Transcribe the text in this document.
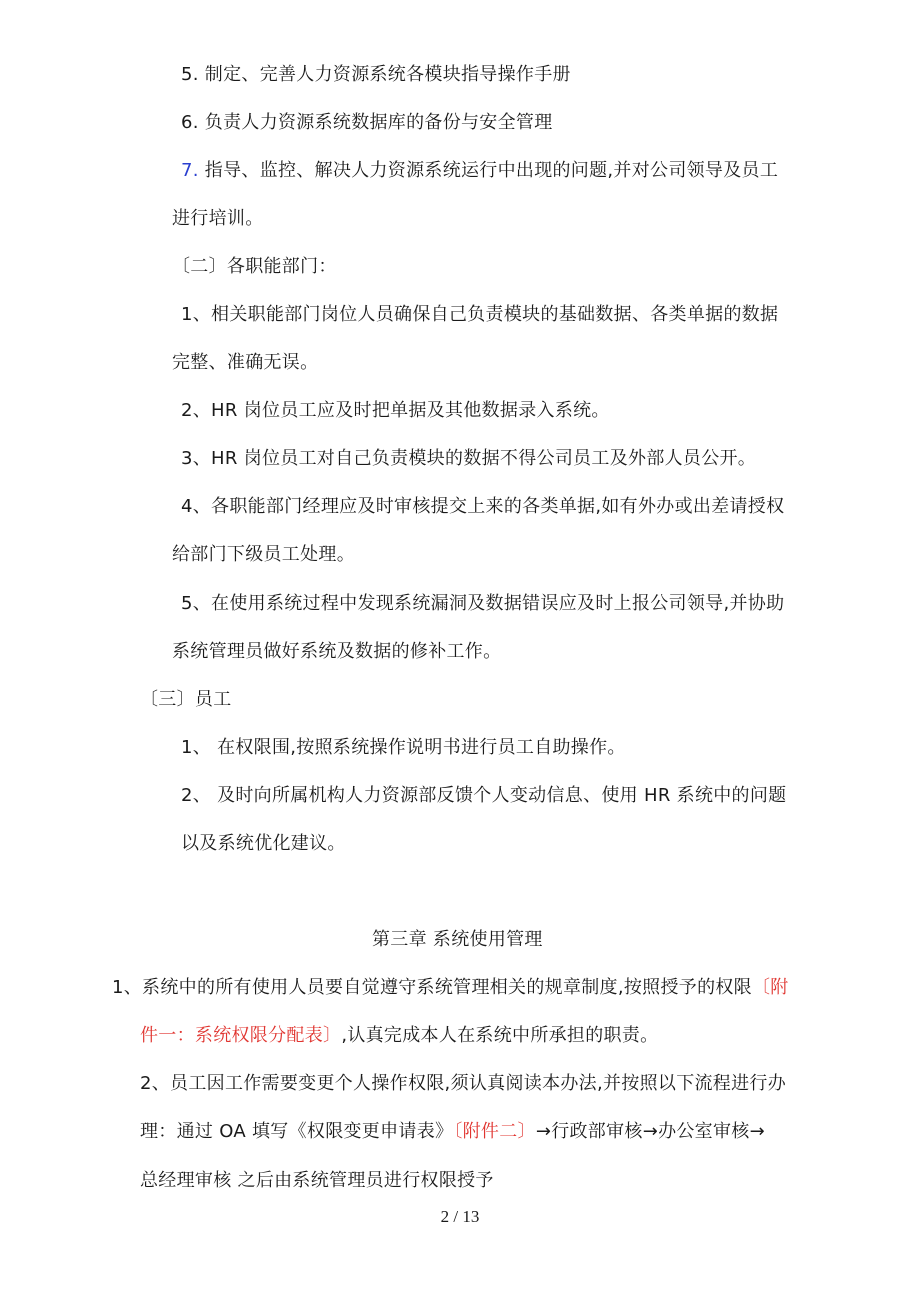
5. 制定、完善人力资源系统各模块指导操作手册
6. 负责人力资源系统数据库的备份与安全管理
7. 指导、监控、解决人力资源系统运行中出现的问题,并对公司领导及员工
进行培训。
〔二〕各职能部门：
1、相关职能部门岗位人员确保自己负责模块的基础数据、各类单据的数据
完整、准确无误。
2、HR 岗位员工应及时把单据及其他数据录入系统。
3、HR 岗位员工对自己负责模块的数据不得公司员工及外部人员公开。
4、各职能部门经理应及时审核提交上来的各类单据,如有外办或出差请授权
给部门下级员工处理。
5、在使用系统过程中发现系统漏洞及数据错误应及时上报公司领导,并协助
系统管理员做好系统及数据的修补工作。
〔三〕员工
1、 在权限围,按照系统操作说明书进行员工自助操作。
2、 及时向所属机构人力资源部反馈个人变动信息、使用 HR 系统中的问题
以及系统优化建议。
第三章 系统使用管理
1、系统中的所有使用人员要自觉遵守系统管理相关的规章制度,按照授予的权限〔附
件一：系统权限分配表〕,认真完成本人在系统中所承担的职责。
2、员工因工作需要变更个人操作权限,须认真阅读本办法,并按照以下流程进行办
理：通过 OA 填写《权限变更申请表》〔附件二〕→行政部审核→办公室审核→
总经理审核 之后由系统管理员进行权限授予
2 / 13
